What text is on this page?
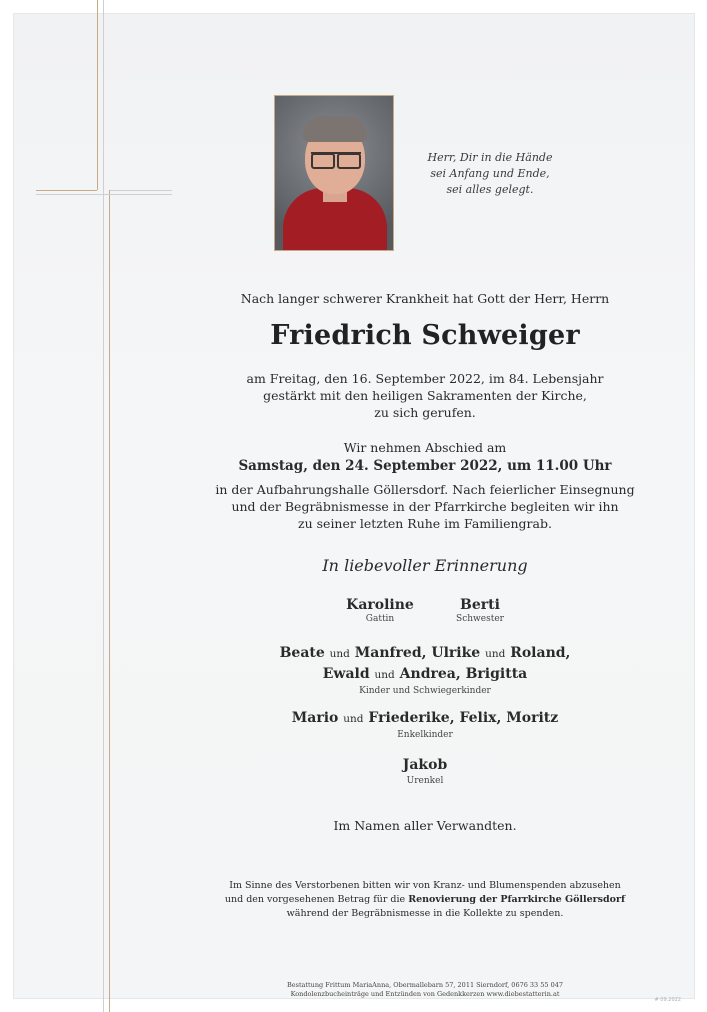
Herr, Dir in die Hände
sei Anfang und Ende,
sei alles gelegt.
Nach langer schwerer Krankheit hat Gott der Herr, Herrn
Friedrich Schweiger
am Freitag, den 16. September 2022, im 84. Lebensjahr
gestärkt mit den heiligen Sakramenten der Kirche,
zu sich gerufen.
Wir nehmen Abschied am
Samstag, den 24. September 2022, um 11.00 Uhr
in der Aufbahrungshalle Göllersdorf. Nach feierlicher Einsegnung
und der Begräbnismesse in der Pfarrkirche begleiten wir ihn
zu seiner letzten Ruhe im Familiengrab.
In liebevoller Erinnerung
Karoline
Gattin
Berti
Schwester
Beate und Manfred, Ulrike und Roland,
Ewald und Andrea, Brigitta
Kinder und Schwiegerkinder
Mario und Friederike, Felix, Moritz
Enkelkinder
Jakob
Urenkel
Im Namen aller Verwandten.
Im Sinne des Verstorbenen bitten wir von Kranz- und Blumenspenden abzusehen
und den vorgesehenen Betrag für die Renovierung der Pfarrkirche Göllersdorf
während der Begräbnismesse in die Kollekte zu spenden.
Bestattung Frittum MariaAnna, Obermallebarn 57, 2011 Sierndorf, 0676 33 55 047
Kondolenzbucheinträge und Entzünden von Gedenkkerzen www.diebestatterin.at
# 09.2022
